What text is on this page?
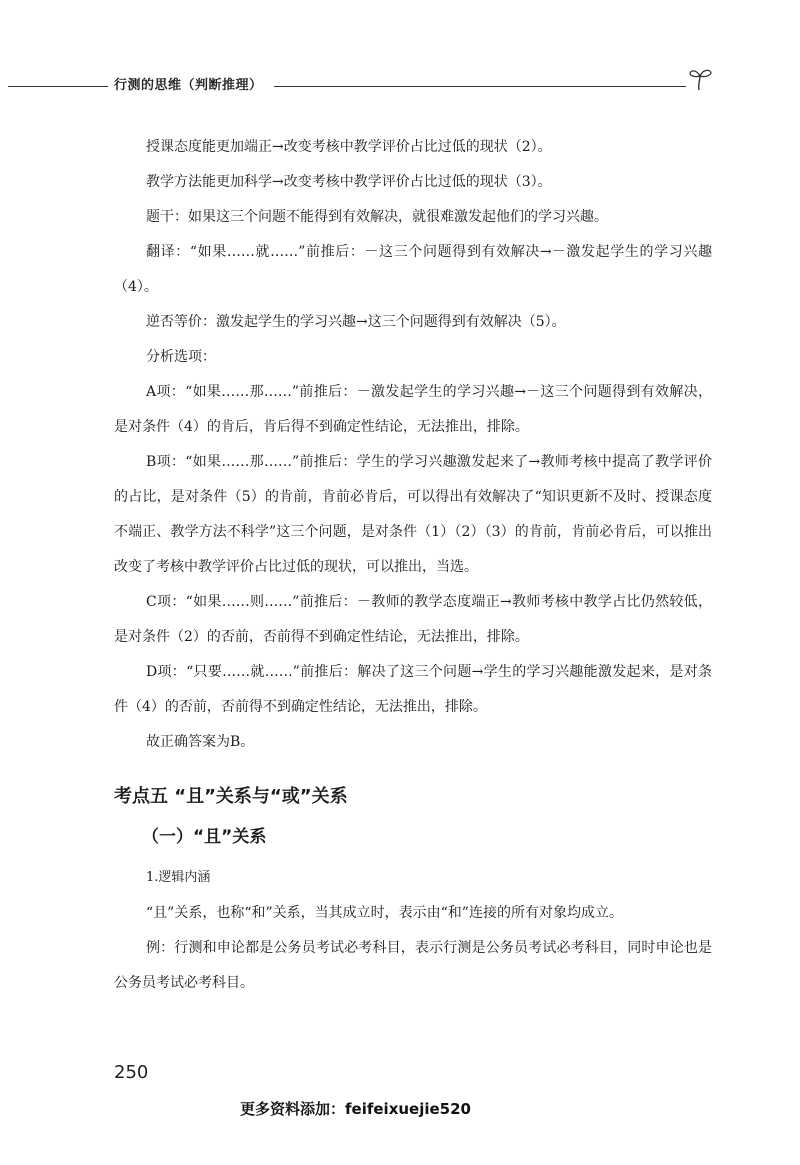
行测的思维（判断推理）

授课态度能更加端正→改变考核中教学评价占比过低的现状（2）。

教学方法能更加科学→改变考核中教学评价占比过低的现状（3）。

题干：如果这三个问题不能得到有效解决，就很难激发起他们的学习兴趣。

翻译：“如果……就……”前推后：－这三个问题得到有效解决→－激发起学生的学习兴趣（4）。

逆否等价：激发起学生的学习兴趣→这三个问题得到有效解决（5）。

分析选项：

A项：“如果……那……”前推后：－激发起学生的学习兴趣→－这三个问题得到有效解决，是对条件（4）的肯后，肯后得不到确定性结论，无法推出，排除。

B项：“如果……那……”前推后：学生的学习兴趣激发起来了→教师考核中提高了教学评价的占比，是对条件（5）的肯前，肯前必肯后，可以得出有效解决了“知识更新不及时、授课态度不端正、教学方法不科学”这三个问题，是对条件（1）（2）（3）的肯前，肯前必肯后，可以推出改变了考核中教学评价占比过低的现状，可以推出，当选。

C项：“如果……则……”前推后：－教师的教学态度端正→教师考核中教学占比仍然较低，是对条件（2）的否前，否前得不到确定性结论，无法推出，排除。

D项：“只要……就……”前推后：解决了这三个问题→学生的学习兴趣能激发起来，是对条件（4）的否前，否前得不到确定性结论，无法推出，排除。

故正确答案为B。

考点五 “且”关系与“或”关系
（一）“且”关系

1.逻辑内涵

“且”关系，也称“和”关系，当其成立时，表示由“和”连接的所有对象均成立。

例：行测和申论都是公务员考试必考科目，表示行测是公务员考试必考科目，同时申论也是公务员考试必考科目。

250
更多资料添加：feifeixuejie520
